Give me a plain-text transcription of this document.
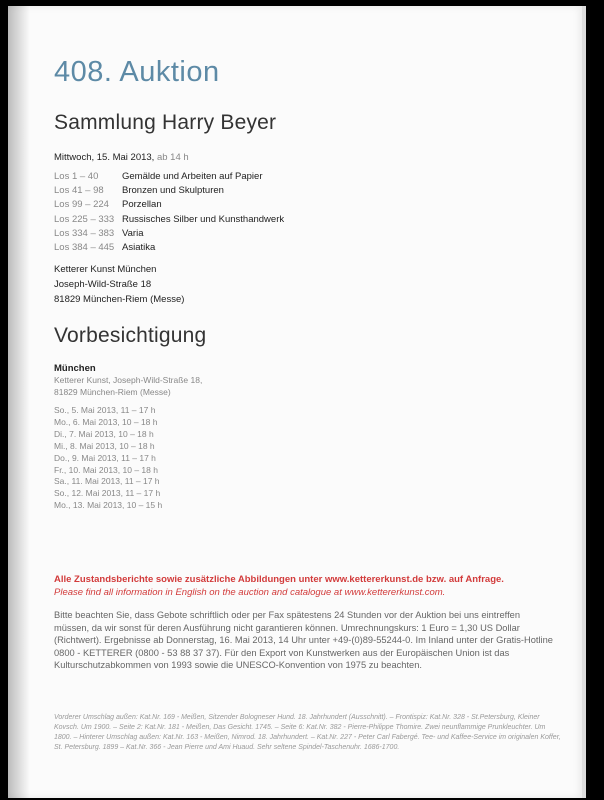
408. Auktion
Sammlung Harry Beyer
Mittwoch, 15. Mai 2013, ab 14 h
Los 1 – 40	Gemälde und Arbeiten auf Papier
Los 41 – 98	Bronzen und Skulpturen
Los 99 – 224	Porzellan
Los 225 – 333 Russisches Silber und Kunsthandwerk
Los 334 – 383 Varia
Los 384 – 445 Asiatika
Ketterer Kunst München
Joseph-Wild-Straße 18
81829 München-Riem (Messe)
Vorbesichtigung
München
Ketterer Kunst, Joseph-Wild-Straße 18,
81829 München-Riem (Messe)
So., 5. Mai 2013, 11 – 17 h
Mo., 6. Mai 2013, 10 – 18 h
Di., 7. Mai 2013, 10 – 18 h
Mi., 8. Mai 2013, 10 – 18 h
Do., 9. Mai 2013, 11 – 17 h
Fr., 10. Mai 2013, 10 – 18 h
Sa., 11. Mai 2013, 11 – 17 h
So., 12. Mai 2013, 11 – 17 h
Mo., 13. Mai 2013, 10 – 15 h
Alle Zustandsberichte sowie zusätzliche Abbildungen unter www.kettererkunst.de bzw. auf Anfrage.
Please find all information in English on the auction and catalogue at www.kettererkunst.com.
Bitte beachten Sie, dass Gebote schriftlich oder per Fax spätestens 24 Stunden vor der Auktion bei uns eintreffen müssen, da wir sonst für deren Ausführung nicht garantieren können. Umrechnungskurs: 1 Euro = 1,30 US Dollar (Richtwert). Ergebnisse ab Donnerstag, 16. Mai 2013, 14 Uhr unter +49-(0)89-55244-0. Im Inland unter der Gratis-Hotline 0800 - KETTERER (0800 - 53 88 37 37). Für den Export von Kunstwerken aus der Europäischen Union ist das Kulturschutzabkommen von 1993 sowie die UNESCO-Konvention von 1975 zu beachten.
Vorderer Umschlag außen: Kat.Nr. 169 - Meißen, Sitzender Bologneser Hund. 18. Jahrhundert (Ausschnitt). – Frontispiz: Kat.Nr. 328 - St.Petersburg, Kleiner Kovsch. Um 1900. – Seite 2: Kat.Nr. 181 - Meißen, Das Gesicht. 1745. – Seite 6: Kat.Nr. 382 - Pierre-Philippe Thomire. Zwei neunflammige Prunkleuchter. Um 1800. – Hinterer Umschlag außen: Kat.Nr. 163 - Meißen, Nimrod. 18. Jahrhundert. – Kat.Nr. 227 - Peter Carl Fabergé. Tee- und Kaffee-Service im originalen Koffer, St. Petersburg. 1899 – Kat.Nr. 366 - Jean Pierre und Ami Huaud. Sehr seltene Spindel-Taschenuhr. 1686-1700.
